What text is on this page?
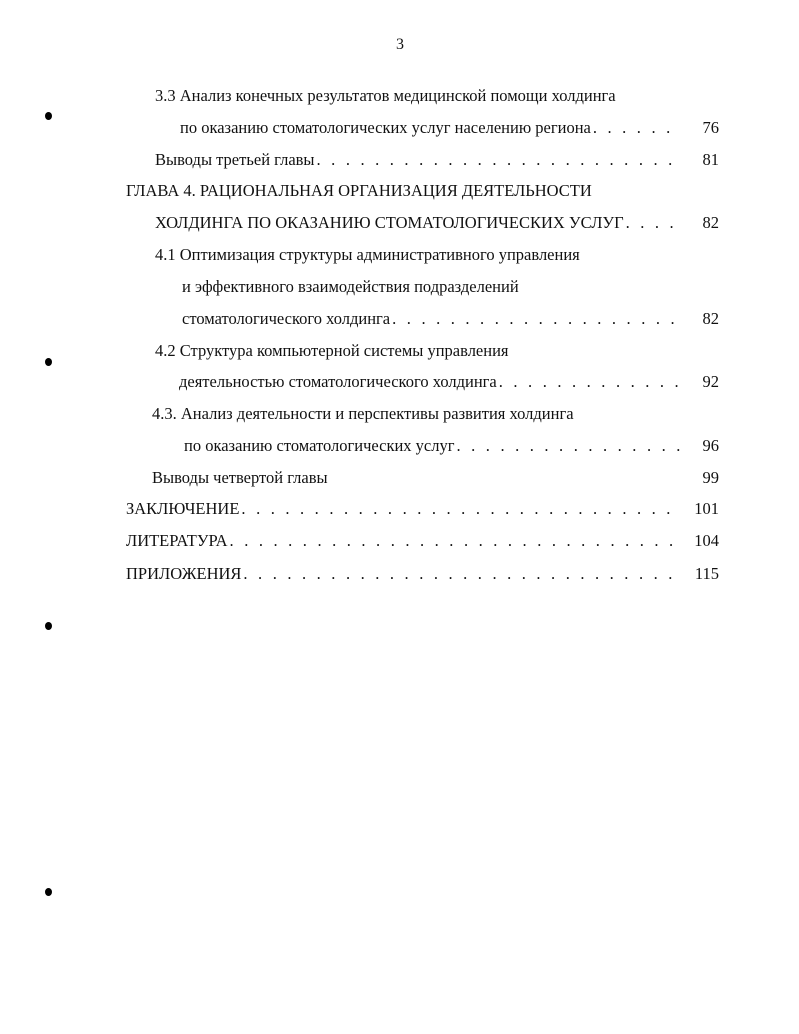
3
3.3 Анализ конечных результатов медицинской помощи холдинга
по оказанию стоматологических услуг населению региона . . .	76
Выводы третьей главы . . .	81
ГЛАВА 4. РАЦИОНАЛЬНАЯ ОРГАНИЗАЦИЯ ДЕЯТЕЛЬНОСТИ
ХОЛДИНГА ПО ОКАЗАНИЮ СТОМАТОЛОГИЧЕСКИХ УСЛУГ . . .	82
4.1 Оптимизация структуры административного управления
и эффективного взаимодействия подразделений
стоматологического холдинга . . .	82
4.2 Структура компьютерной системы управления
деятельностью стоматологического холдинга . . .	92
4.3. Анализ деятельности и перспективы развития холдинга
по оказанию стоматологических услуг . . .	96
Выводы четвертой главы	99
ЗАКЛЮЧЕНИЕ . . .	101
ЛИТЕРАТУРА . . .	104
ПРИЛОЖЕНИЯ . . .	115
